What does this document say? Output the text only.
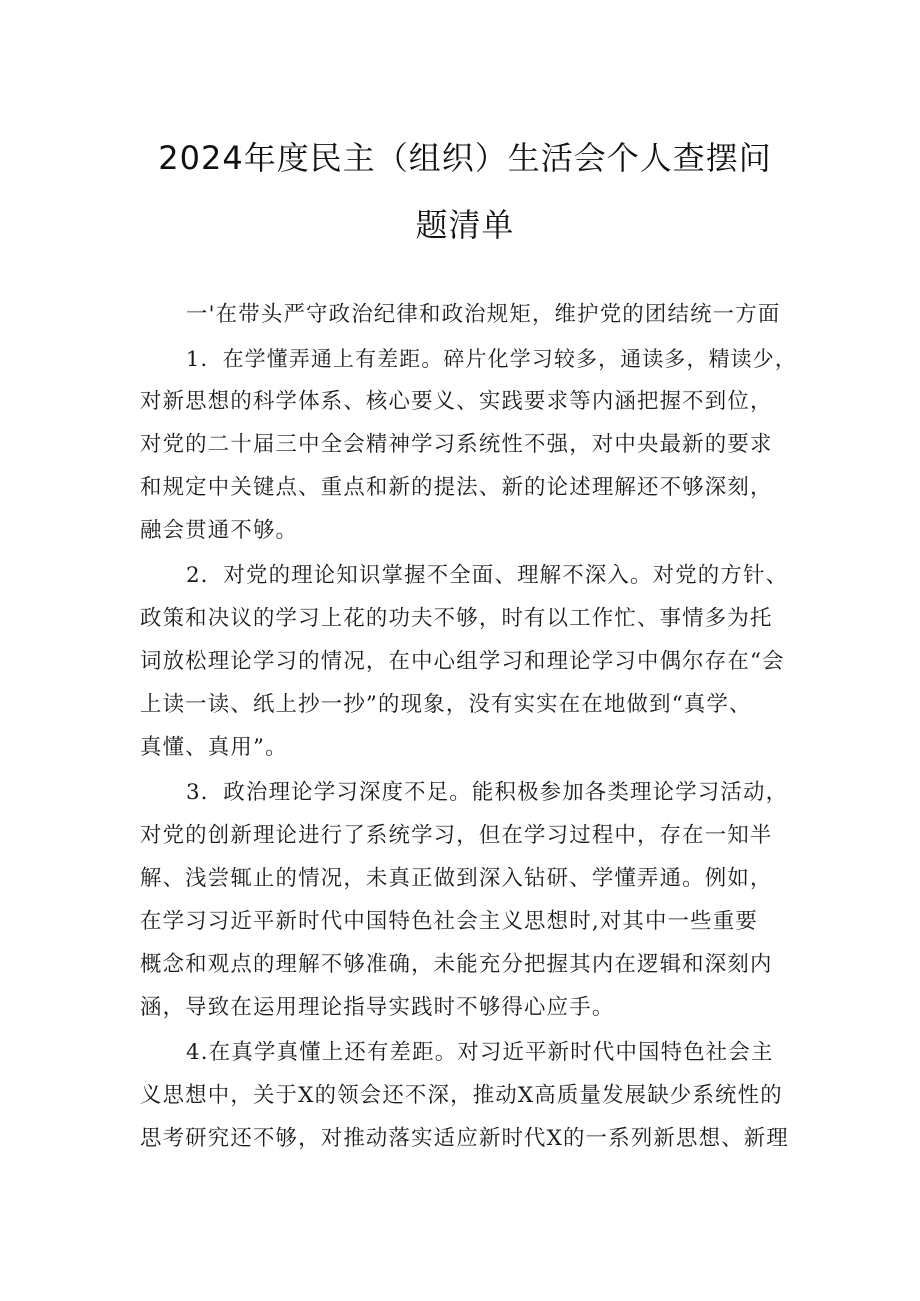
2024年度民主（组织）生活会个人查摆问
题清单
一'在带头严守政治纪律和政治规矩，维护党的团结统一方面
1．在学懂弄通上有差距。碎片化学习较多，通读多，精读少，
对新思想的科学体系、核心要义、实践要求等内涵把握不到位，
对党的二十届三中全会精神学习系统性不强，对中央最新的要求
和规定中关键点、重点和新的提法、新的论述理解还不够深刻，
融会贯通不够。
2．对党的理论知识掌握不全面、理解不深入。对党的方针、
政策和决议的学习上花的功夫不够，时有以工作忙、事情多为托
词放松理论学习的情况，在中心组学习和理论学习中偶尔存在“会
上读一读、纸上抄一抄”的现象，没有实实在在地做到“真学、
真懂、真用”。
3．政治理论学习深度不足。能积极参加各类理论学习活动，
对党的创新理论进行了系统学习，但在学习过程中，存在一知半
解、浅尝辄止的情况，未真正做到深入钻研、学懂弄通。例如，
在学习习近平新时代中国特色社会主义思想时,对其中一些重要
概念和观点的理解不够准确，未能充分把握其内在逻辑和深刻内
涵，导致在运用理论指导实践时不够得心应手。
4.在真学真懂上还有差距。对习近平新时代中国特色社会主
义思想中，关于X的领会还不深，推动X高质量发展缺少系统性的
思考研究还不够，对推动落实适应新时代X的一系列新思想、新理
